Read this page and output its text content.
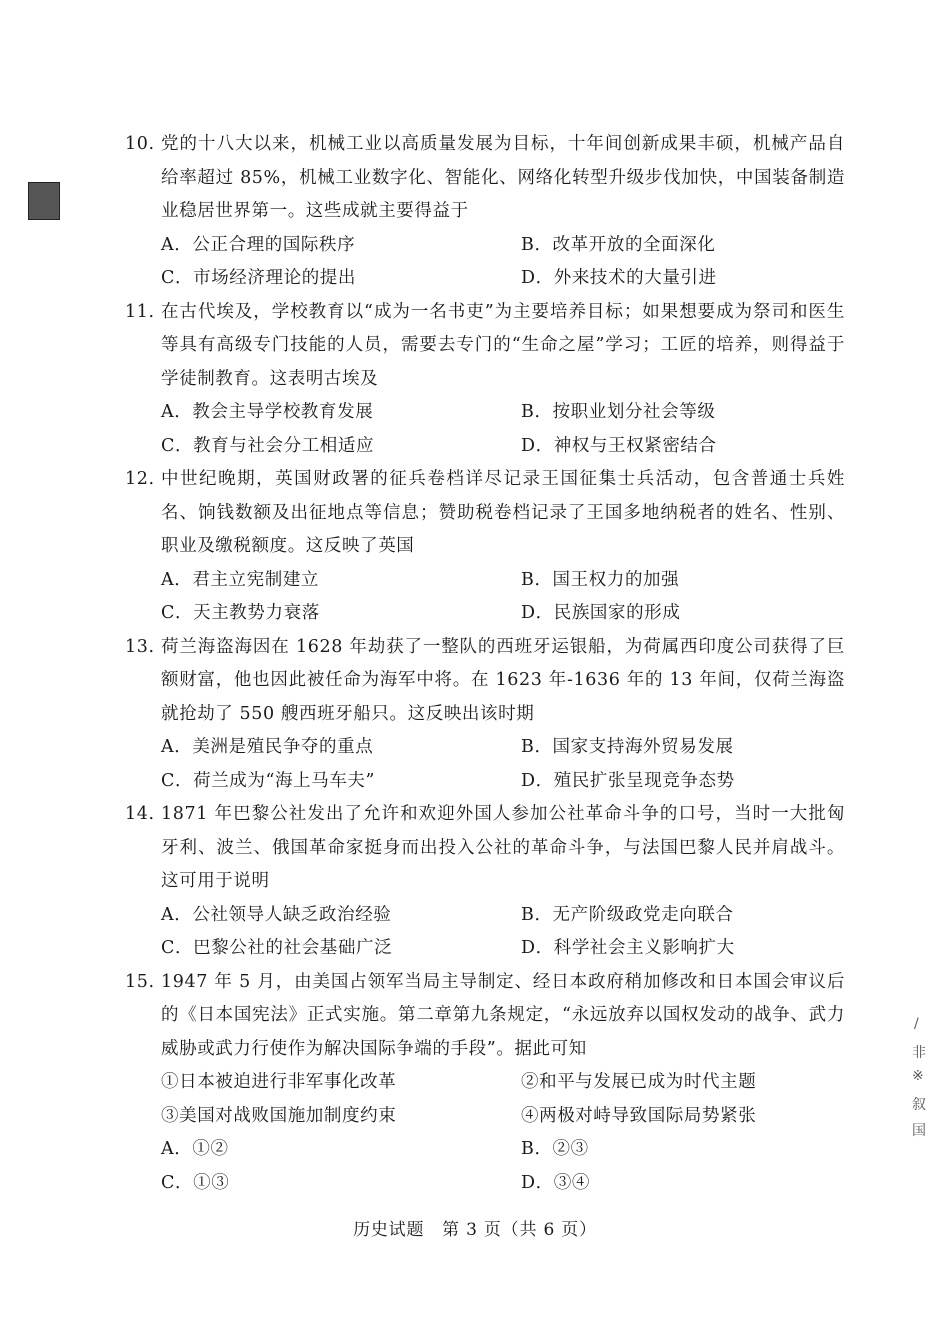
/
非
※
叙
国
10. 党的十八大以来，机械工业以高质量发展为目标，十年间创新成果丰硕，机械产品自给率超过 85%，机械工业数字化、智能化、网络化转型升级步伐加快，中国装备制造业稳居世界第一。这些成就主要得益于
A．公正合理的国际秩序	B．改革开放的全面深化
C．市场经济理论的提出	D．外来技术的大量引进
11. 在古代埃及，学校教育以“成为一名书吏”为主要培养目标；如果想要成为祭司和医生等具有高级专门技能的人员，需要去专门的“生命之屋”学习；工匠的培养，则得益于学徒制教育。这表明古埃及
A．教会主导学校教育发展	B．按职业划分社会等级
C．教育与社会分工相适应	D．神权与王权紧密结合
12. 中世纪晚期，英国财政署的征兵卷档详尽记录王国征集士兵活动，包含普通士兵姓名、饷钱数额及出征地点等信息；赞助税卷档记录了王国多地纳税者的姓名、性别、职业及缴税额度。这反映了英国
A．君主立宪制建立	B．国王权力的加强
C．天主教势力衰落	D．民族国家的形成
13. 荷兰海盗海因在 1628 年劫获了一整队的西班牙运银船，为荷属西印度公司获得了巨额财富，他也因此被任命为海军中将。在 1623 年-1636 年的 13 年间，仅荷兰海盗就抢劫了 550 艘西班牙船只。这反映出该时期
A．美洲是殖民争夺的重点	B．国家支持海外贸易发展
C．荷兰成为“海上马车夫”	D．殖民扩张呈现竞争态势
14. 1871 年巴黎公社发出了允许和欢迎外国人参加公社革命斗争的口号，当时一大批匈牙利、波兰、俄国革命家挺身而出投入公社的革命斗争，与法国巴黎人民并肩战斗。这可用于说明
A．公社领导人缺乏政治经验	B．无产阶级政党走向联合
C．巴黎公社的社会基础广泛	D．科学社会主义影响扩大
15. 1947 年 5 月，由美国占领军当局主导制定、经日本政府稍加修改和日本国会审议后的《日本国宪法》正式实施。第二章第九条规定，“永远放弃以国权发动的战争、武力威胁或武力行使作为解决国际争端的手段”。据此可知
①日本被迫进行非军事化改革	②和平与发展已成为时代主题
③美国对战败国施加制度约束	④两极对峙导致国际局势紧张
A．①②	B．②③
C．①③	D．③④
历史试题　第 3 页（共 6 页）
